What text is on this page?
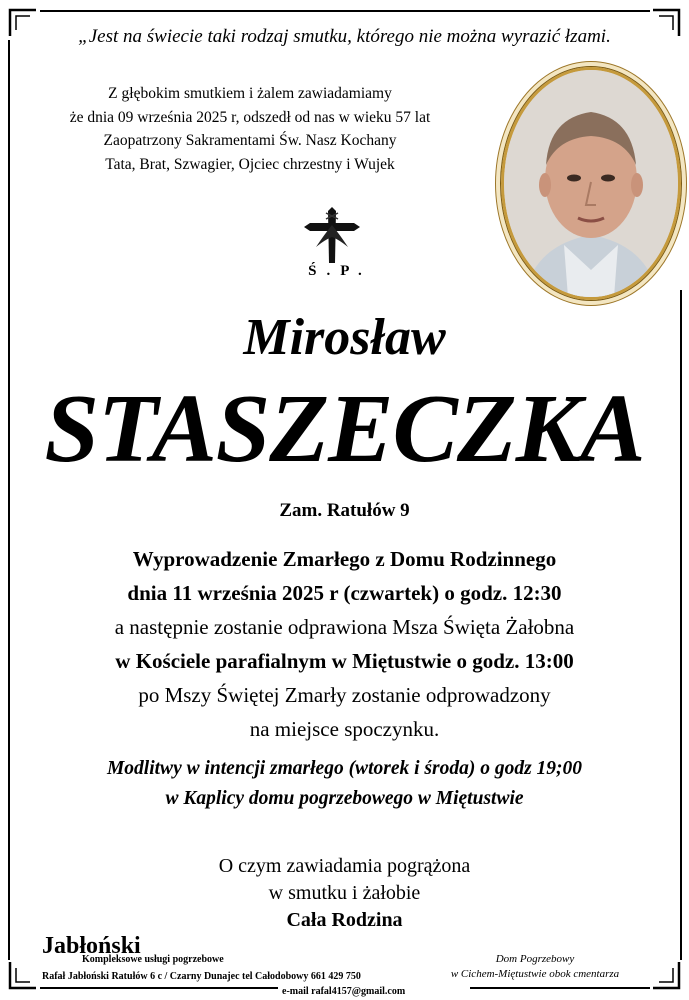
„Jest na świecie taki rodzaj smutku, którego nie można wyrazić łzami.
Z głębokim smutkiem i żalem zawiadamiamy
że dnia 09 września 2025 r, odszedł od nas w wieku 57 lat
Zaopatrzony Sakramentami Św. Nasz Kochany
Tata, Brat, Szwagier, Ojciec chrzestny i Wujek
Ś.P.
Mirosław
STASZECZKA
Zam. Ratułów 9
Wyprowadzenie Zmarłego z Domu Rodzinnego
dnia 11 września 2025 r (czwartek) o godz. 12:30
a następnie zostanie odprawiona Msza Święta Żałobna
w Kościele parafialnym w Miętustwie o godz. 13:00
po Mszy Świętej Zmarły zostanie odprowadzony
na miejsce spoczynku.
Modlitwy w intencji zmarłego (wtorek i środa) o godz 19;00
w Kaplicy domu pogrzebowego w Miętustwie
O czym zawiadamia pogrążona
w smutku i żałobie
Cała Rodzina
Jabłoński
Kompleksowe usługi pogrzebowe
Rafał Jabłoński Ratułów 6 c / Czarny Dunajec tel Całodobowy 661 429 750
e-mail rafal4157@gmail.com
Dom Pogrzebowy
w Cichem-Miętustwie obok cmentarza
